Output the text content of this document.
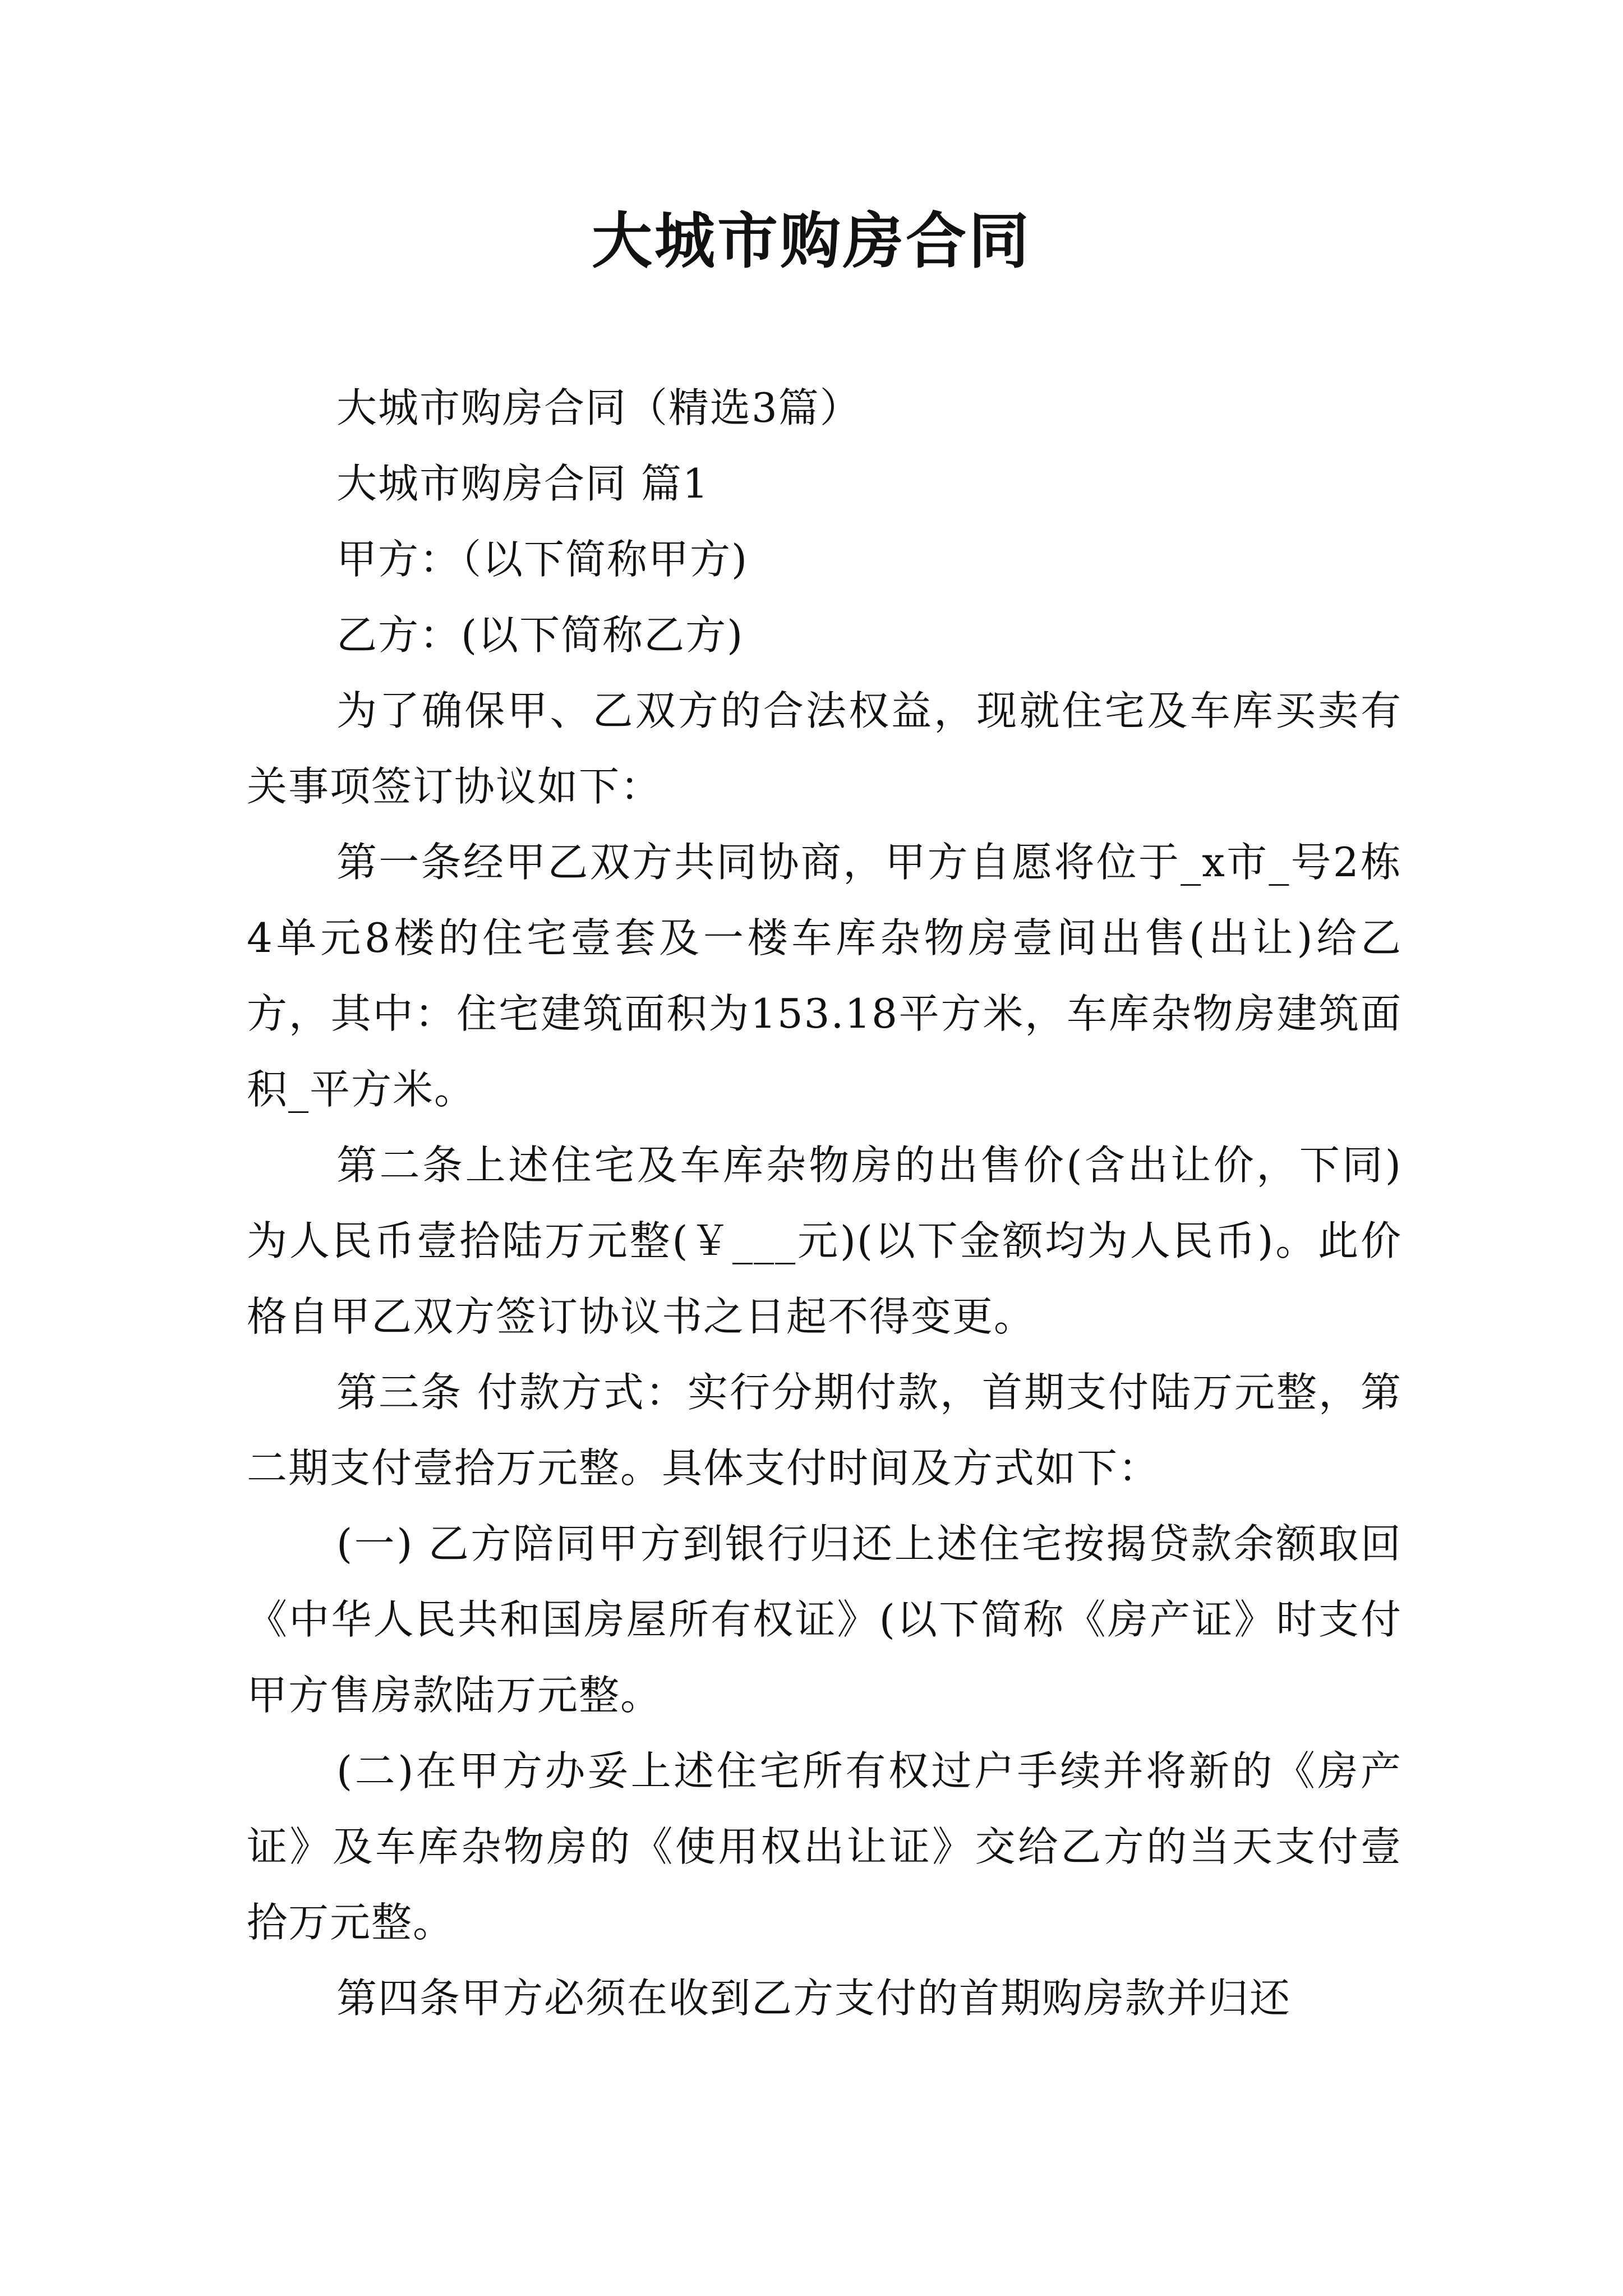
大城市购房合同

大城市购房合同（精选3篇）

大城市购房合同 篇1

甲方：（以下简称甲方)

乙方：(以下简称乙方)

为了确保甲、乙双方的合法权益，现就住宅及车库买卖有关事项签订协议如下：

第一条经甲乙双方共同协商，甲方自愿将位于_x市_号2栋4单元8楼的住宅壹套及一楼车库杂物房壹间出售(出让)给乙方，其中：住宅建筑面积为153.18平方米，车库杂物房建筑面积_平方米。

第二条上述住宅及车库杂物房的出售价(含出让价，下同)为人民币壹拾陆万元整(￥___元)(以下金额均为人民币)。此价格自甲乙双方签订协议书之日起不得变更。

第三条 付款方式：实行分期付款，首期支付陆万元整，第二期支付壹拾万元整。具体支付时间及方式如下：

(一) 乙方陪同甲方到银行归还上述住宅按揭贷款余额取回《中华人民共和国房屋所有权证》(以下简称《房产证》时支付甲方售房款陆万元整。

(二)在甲方办妥上述住宅所有权过户手续并将新的《房产证》及车库杂物房的《使用权出让证》交给乙方的当天支付壹拾万元整。

第四条甲方必须在收到乙方支付的首期购房款并归还
